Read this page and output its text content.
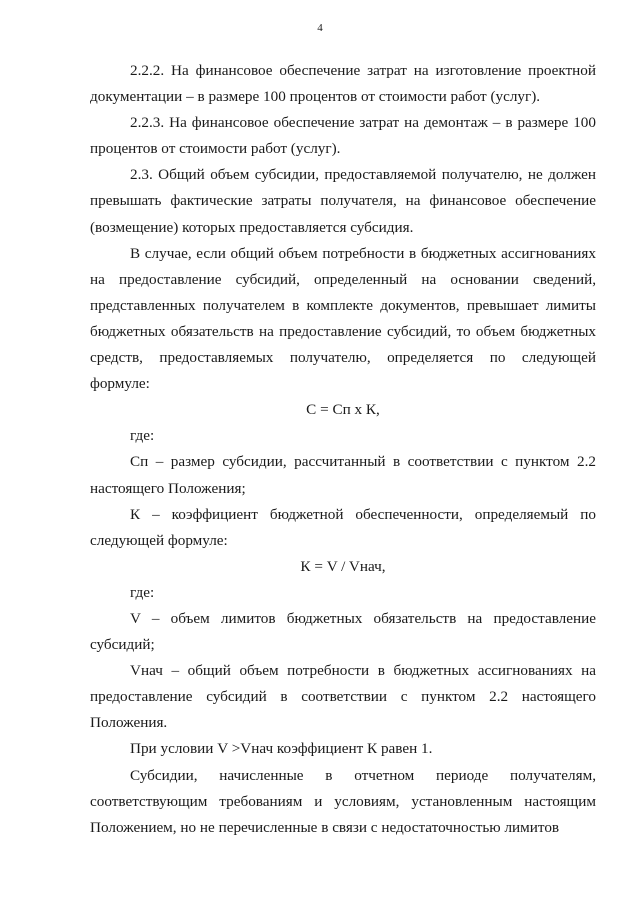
4

2.2.2. На финансовое обеспечение затрат на изготовление проектной документации – в размере 100 процентов от стоимости работ (услуг).

2.2.3. На финансовое обеспечение затрат на демонтаж – в размере 100 процентов от стоимости работ (услуг).

2.3. Общий объем субсидии, предоставляемой получателю, не должен превышать фактические затраты получателя, на финансовое обеспечение (возмещение) которых предоставляется субсидия.

В случае, если общий объем потребности в бюджетных ассигнованиях на предоставление субсидий, определенный на основании сведений, представленных получателем в комплекте документов, превышает лимиты бюджетных обязательств на предоставление субсидий, то объем бюджетных средств, предоставляемых получателю, определяется по следующей формуле:

С = Сп х К,

где:

Сп – размер субсидии, рассчитанный в соответствии с пунктом 2.2 настоящего Положения;

К – коэффициент бюджетной обеспеченности, определяемый по следующей формуле:

К = V / Vнач,

где:

V – объем лимитов бюджетных обязательств на предоставление субсидий;

Vнач – общий объем потребности в бюджетных ассигнованиях на предоставление субсидий в соответствии с пунктом 2.2 настоящего Положения.

При условии V >Vнач коэффициент К равен 1.

Субсидии, начисленные в отчетном периоде получателям, соответствующим требованиям и условиям, установленным настоящим Положением, но не перечисленные в связи с недостаточностью лимитов
